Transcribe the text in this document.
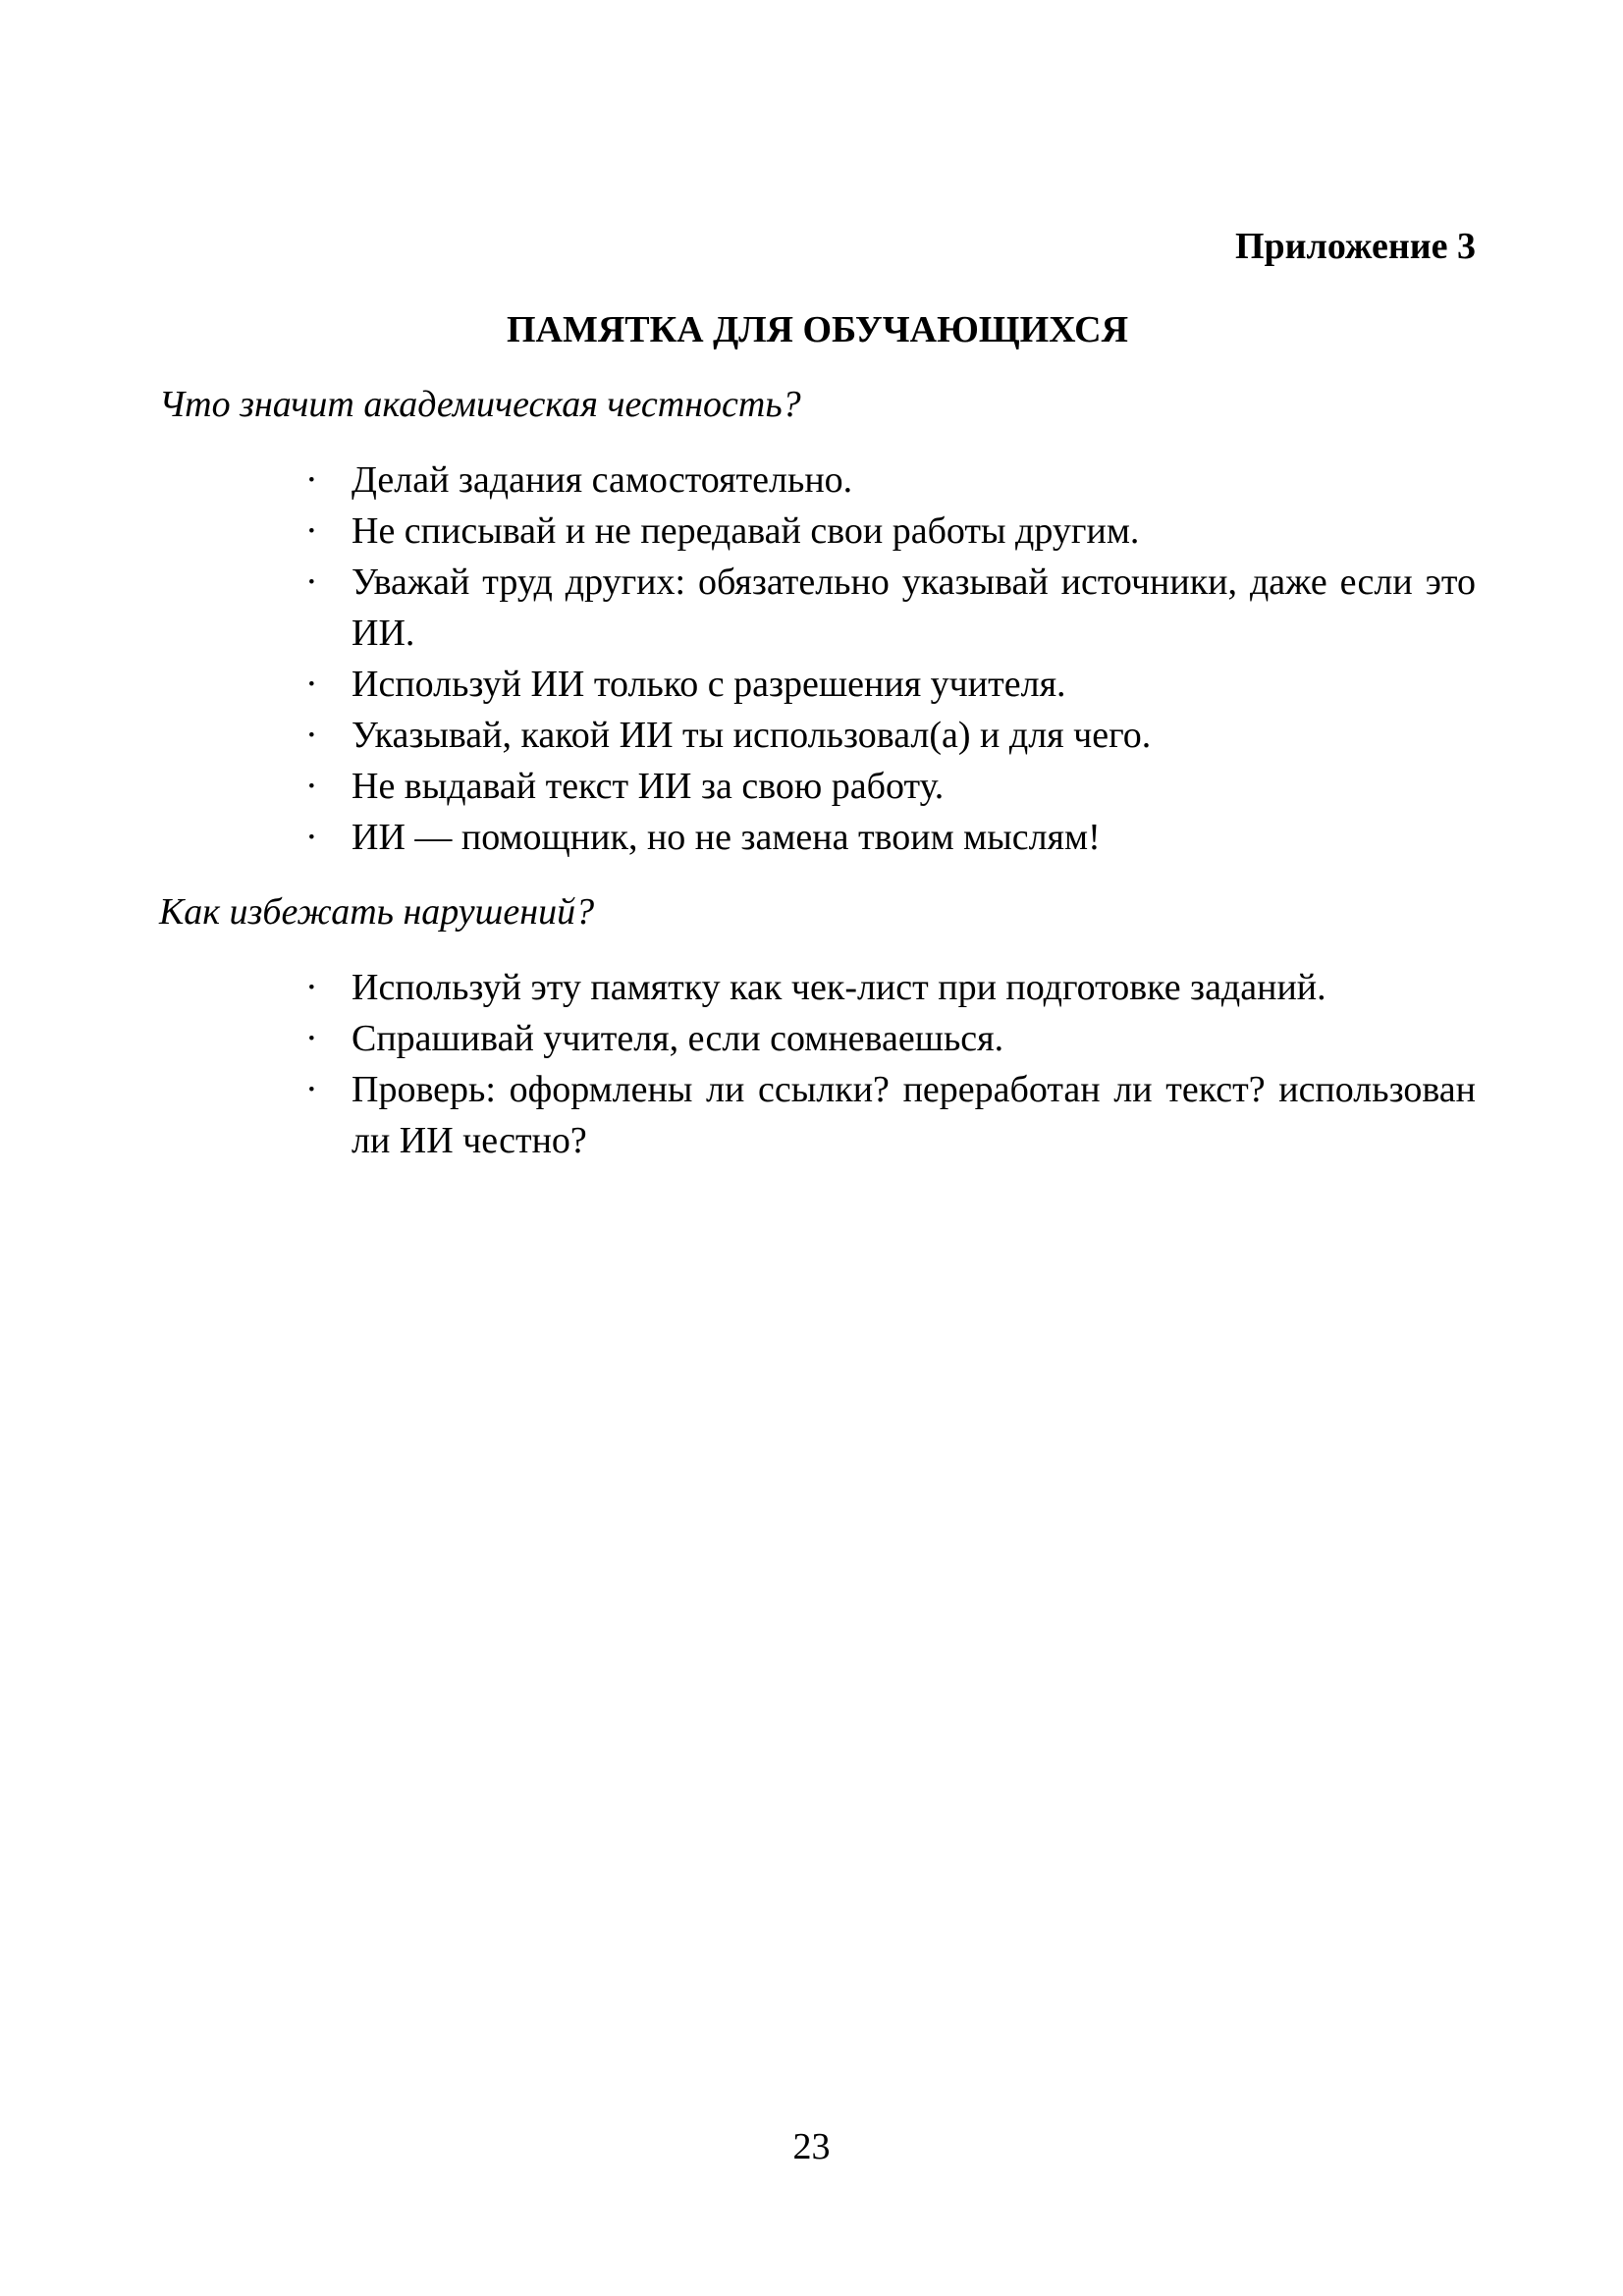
Приложение 3
ПАМЯТКА ДЛЯ ОБУЧАЮЩИХСЯ

Что значит академическая честность?

· Делай задания самостоятельно.
· Не списывай и не передавай свои работы другим.
· Уважай труд других: обязательно указывай источники, даже если это ИИ.
· Используй ИИ только с разрешения учителя.
· Указывай, какой ИИ ты использовал(а) и для чего.
· Не выдавай текст ИИ за свою работу.
· ИИ — помощник, но не замена твоим мыслям!

Как избежать нарушений?

· Используй эту памятку как чек-лист при подготовке заданий.
· Спрашивай учителя, если сомневаешься.
· Проверь: оформлены ли ссылки? переработан ли текст? использован ли ИИ честно?
23
